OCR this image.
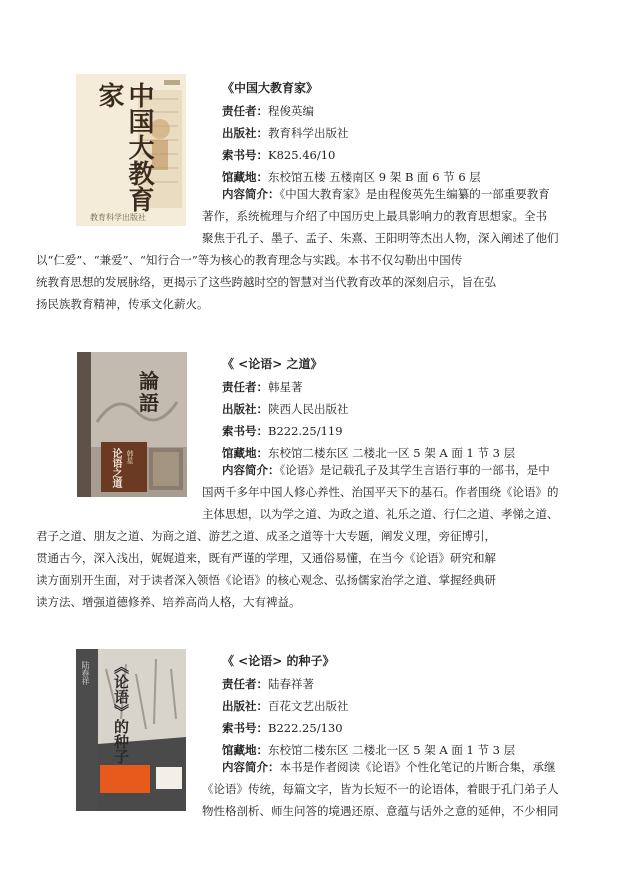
中国大教育家
教育科学出版社
《中国大教育家》
责任者：程俊英编
出版社：教育科学出版社
索书号：K825.46/10
馆藏地：东校馆五楼 五楼南区 9 架 B 面 6 节 6 层
内容简介：《中国大教育家》是由程俊英先生编纂的一部重要教育
著作，系统梳理与介绍了中国历史上最具影响力的教育思想家。全书
聚焦于孔子、墨子、孟子、朱熹、王阳明等杰出人物，深入阐述了他们
以“仁爱”、“兼爱”、“知行合一”等为核心的教育理念与实践。本书不仅勾勒出中国传
统教育思想的发展脉络，更揭示了这些跨越时空的智慧对当代教育改革的深刻启示，旨在弘
扬民族教育精神，传承文化薪火。
論
語
论语之道 韩星
《 <论语> 之道》
责任者：韩星著
出版社：陕西人民出版社
索书号：B222.25/119
馆藏地：东校馆二楼东区 二楼北一区 5 架 A 面 1 节 3 层
内容简介：《论语》是记载孔子及其学生言语行事的一部书，是中
国两千多年中国人修心养性、治国平天下的基石。作者围绕《论语》的
主体思想，以为学之道、为政之道、礼乐之道、行仁之道、孝悌之道、
君子之道、朋友之道、为商之道、游艺之道、成圣之道等十大专题，阐发义理，旁征博引，
贯通古今，深入浅出，娓娓道来，既有严谨的学理，又通俗易懂，在当今《论语》研究和解
读方面别开生面，对于读者深入领悟《论语》的核心观念、弘扬儒家治学之道、掌握经典研
读方法、增强道德修养、培养高尚人格，大有裨益。
《论语》的种子
陆春祥	《 <论语> 的种子》
责任者：陆春祥著
出版社：百花文艺出版社
索书号：B222.25/130
馆藏地：东校馆二楼东区 二楼北一区 5 架 A 面 1 节 3 层
内容简介：本书是作者阅读《论语》个性化笔记的片断合集，承继
《论语》传统，每篇文字，皆为长短不一的论语体，着眼于孔门弟子人
物性格剖析、师生问答的境遇还原、意蕴与话外之意的延伸，不少相同
